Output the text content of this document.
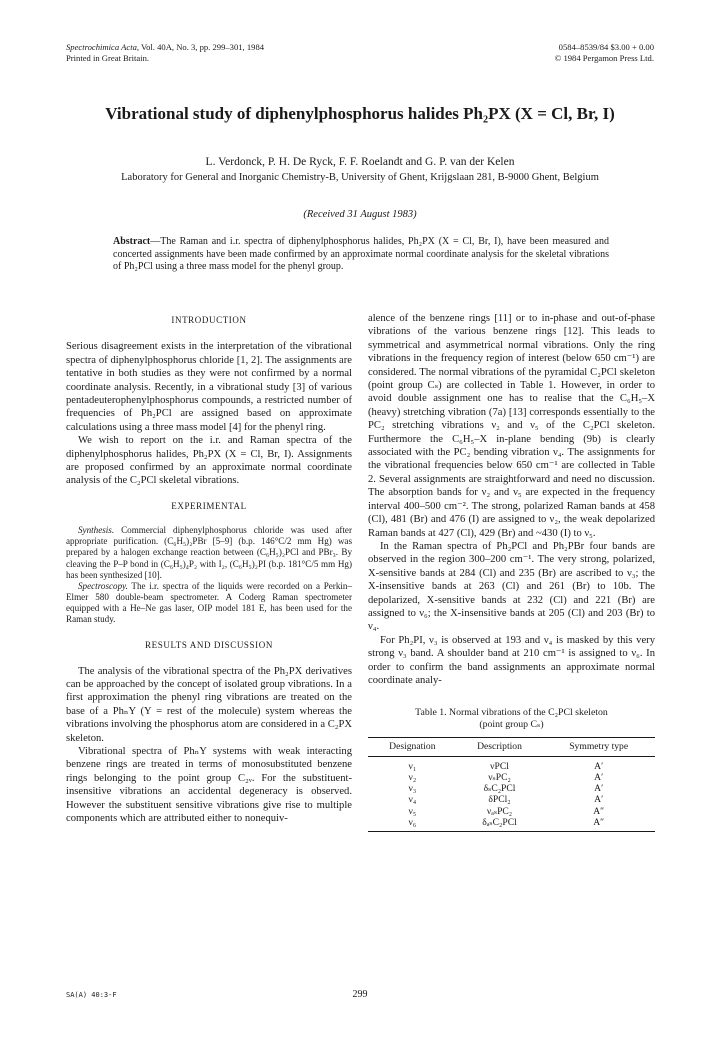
Spectrochimica Acta, Vol. 40A, No. 3, pp. 299–301, 1984
Printed in Great Britain.
0584–8539/84 $3.00 + 0.00
© 1984 Pergamon Press Ltd.
Vibrational study of diphenylphosphorus halides Ph₂PX (X = Cl, Br, I)
L. Verdonck, P. H. De Ryck, F. F. Roelandt and G. P. van der Kelen
Laboratory for General and Inorganic Chemistry-B, University of Ghent, Krijgslaan 281, B-9000 Ghent, Belgium
(Received 31 August 1983)
Abstract—The Raman and i.r. spectra of diphenylphosphorus halides, Ph₂PX (X = Cl, Br, I), have been measured and concerted assignments have been made confirmed by an approximate normal coordinate analysis for the skeletal vibrations of Ph₂PCl using a three mass model for the phenyl group.

INTRODUCTION

Serious disagreement exists in the interpretation of the vibrational spectra of diphenylphosphorus chloride [1, 2]. The assignments are tentative in both studies as they were not confirmed by a normal coordinate analysis. Recently, in a vibrational study [3] of various pentadeuterophenylphosphorus compounds, a restricted number of frequencies of Ph₂PCl are assigned based on approximate calculations using a three mass model [4] for the phenyl ring.

We wish to report on the i.r. and Raman spectra of the diphenylphosphorus halides, Ph₂PX (X = Cl, Br, I). Assignments are proposed confirmed by an approximate normal coordinate analysis of the C₂PCl skeletal vibrations.

EXPERIMENTAL

Synthesis. Commercial diphenylphosphorus chloride was used after appropriate purification. (C₆H₅)₂PBr [5–9] (b.p. 146°C/2 mm Hg) was prepared by a halogen exchange reaction between (C₆H₅)₂PCl and PBr₃. By cleaving the P–P bond in (C₆H₅)₄P₂ with I₂, (C₆H₅)₂PI (b.p. 181°C/5 mm Hg) has been synthesized [10].

Spectroscopy. The i.r. spectra of the liquids were recorded on a Perkin–Elmer 580 double-beam spectrometer. A Coderg Raman spectrometer equipped with a He–Ne gas laser, OIP model 181 E, has been used for the Raman study.

RESULTS AND DISCUSSION

The analysis of the vibrational spectra of the Ph₂PX derivatives can be approached by the concept of isolated group vibrations. In a first approximation the phenyl ring vibrations are treated on the base of a PhₙY (Y = rest of the molecule) system whereas the vibrations involving the phosphorus atom are considered in a C₂PX skeleton.

Vibrational spectra of PhₙY systems with weak interacting benzene rings are treated in terms of monosubstituted benzene rings belonging to the point group C₂ᵥ. For the substituent-insensitive vibrations an accidental degeneracy is observed. However the substituent sensitive vibrations give rise to multiple components which are attributed either to nonequiv-

alence of the benzene rings [11] or to in-phase and out-of-phase vibrations of the various benzene rings [12]. This leads to symmetrical and asymmetrical normal vibrations. Only the ring vibrations in the frequency region of interest (below 650 cm⁻¹) are considered. The normal vibrations of the pyramidal C₂PCl skeleton (point group Cₛ) are collected in Table 1. However, in order to avoid double assignment one has to realise that the C₆H₅–X (heavy) stretching vibration (7a) [13] corresponds essentially to the PC₂ stretching vibrations ν₂ and ν₅ of the C₂PCl skeleton. Furthermore the C₆H₅–X in-plane bending (9b) is clearly associated with the PC₂ bending vibration ν₄. The assignments for the vibrational frequencies below 650 cm⁻¹ are collected in Table 2. Several assignments are straightforward and need no discussion. The absorption bands for ν₂ and ν₅ are expected in the frequency interval 400–500 cm⁻². The strong, polarized Raman bands at 458 (Cl), 481 (Br) and 476 (I) are assigned to ν₂, the weak depolarized Raman bands at 427 (Cl), 429 (Br) and ~430 (I) to ν₅.

In the Raman spectra of Ph₂PCl and Ph₂PBr four bands are observed in the region 300–200 cm⁻¹. The very strong, polarized, X-sensitive bands at 284 (Cl) and 235 (Br) are ascribed to ν₃; the X-insensitive bands at 263 (Cl) and 261 (Br) to 10b. The depolarized, X-sensitive bands at 232 (Cl) and 221 (Br) are assigned to ν₆; the X-insensitive bands at 205 (Cl) and 203 (Br) to ν₄.

For Ph₂PI, ν₃ is observed at 193 and ν₄ is masked by this very strong ν₃ band. A shoulder band at 210 cm⁻¹ is assigned to ν₆. In order to confirm the band assignments an approximate normal coordinate analy-

Table 1. Normal vibrations of the C₂PCl skeleton
(point group Cₛ)

Designation	Description	Symmetry type
ν₁	νPCl	A′
ν₂	νₛPC₂	A′
ν₃	δₛC₂PCl	A′
ν₄	δPCl₂	A′
ν₅	νₐₛPC₂	A″
ν₆	δₐₛC₂PCl	A″
SA(A) 40:3-F	299
